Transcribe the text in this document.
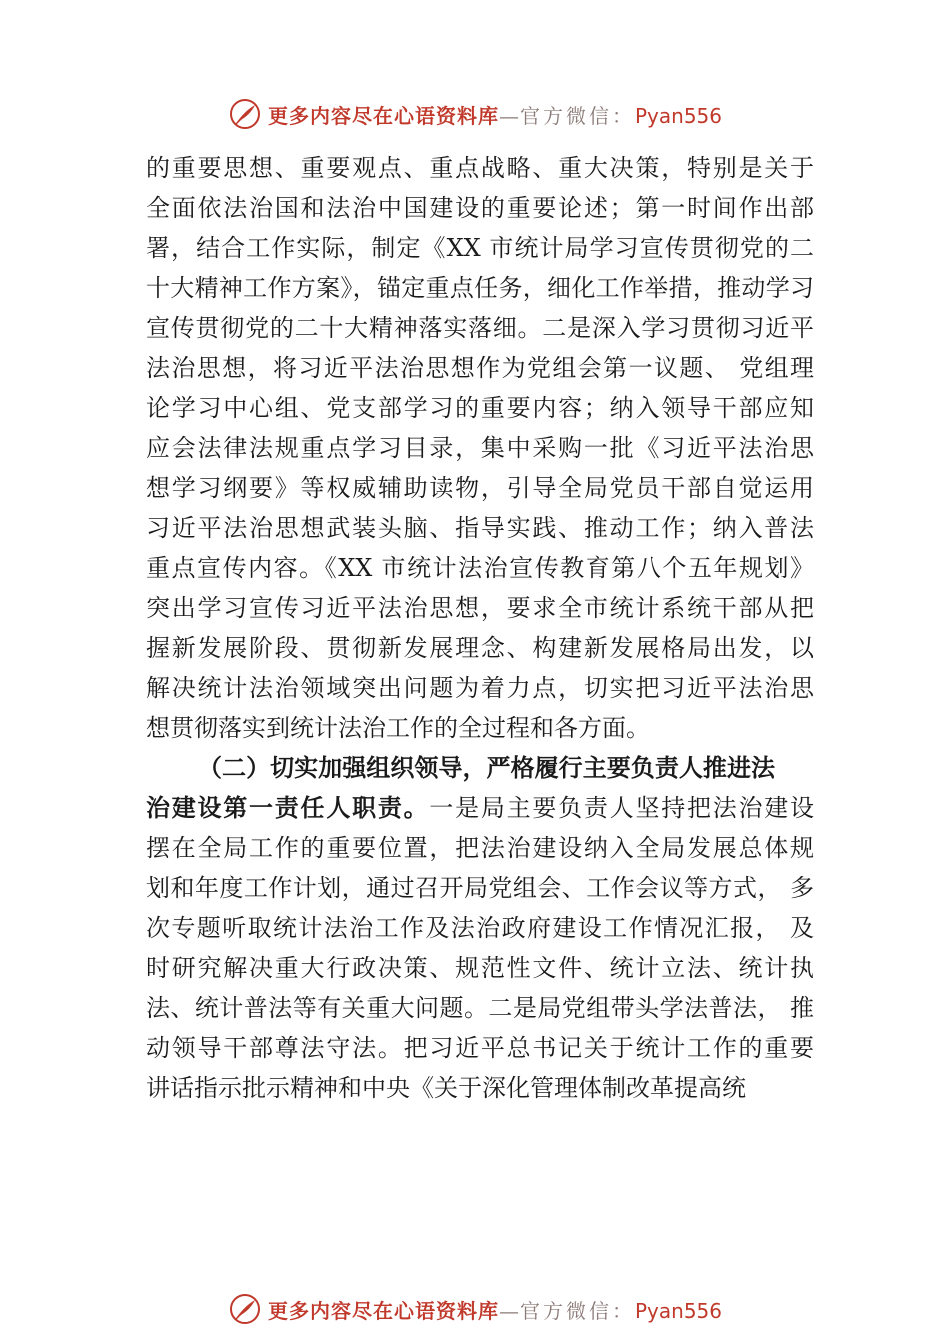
更多内容尽在心语资料库—官方微信：Pyan556
的重要思想、重要观点、重点战略、重大决策，特别是关于
全面依法治国和法治中国建设的重要论述；第一时间作出部
署，结合工作实际，制定《XX 市统计局学习宣传贯彻党的二
十大精神工作方案》，锚定重点任务，细化工作举措，推动学习
宣传贯彻党的二十大精神落实落细。二是深入学习贯彻习近平
法治思想，将习近平法治思想作为党组会第一议题、 党组理
论学习中心组、党支部学习的重要内容；纳入领导干部应知
应会法律法规重点学习目录，集中采购一批《习近平法治思
想学习纲要》等权威辅助读物，引导全局党员干部自觉运用
习近平法治思想武装头脑、指导实践、推动工作；纳入普法
重点宣传内容。《XX 市统计法治宣传教育第八个五年规划》
突出学习宣传习近平法治思想，要求全市统计系统干部从把
握新发展阶段、贯彻新发展理念、构建新发展格局出发，以
解决统计法治领域突出问题为着力点，切实把习近平法治思
想贯彻落实到统计法治工作的全过程和各方面。
（二）切实加强组织领导，严格履行主要负责人推进法
治建设第一责任人职责。一是局主要负责人坚持把法治建设
摆在全局工作的重要位置，把法治建设纳入全局发展总体规
划和年度工作计划，通过召开局党组会、工作会议等方式， 多
次专题听取统计法治工作及法治政府建设工作情况汇报， 及
时研究解决重大行政决策、规范性文件、统计立法、统计执
法、统计普法等有关重大问题。二是局党组带头学法普法， 推
动领导干部尊法守法。把习近平总书记关于统计工作的重要
讲话指示批示精神和中央《关于深化管理体制改革提高统
更多内容尽在心语资料库—官方微信：Pyan556
